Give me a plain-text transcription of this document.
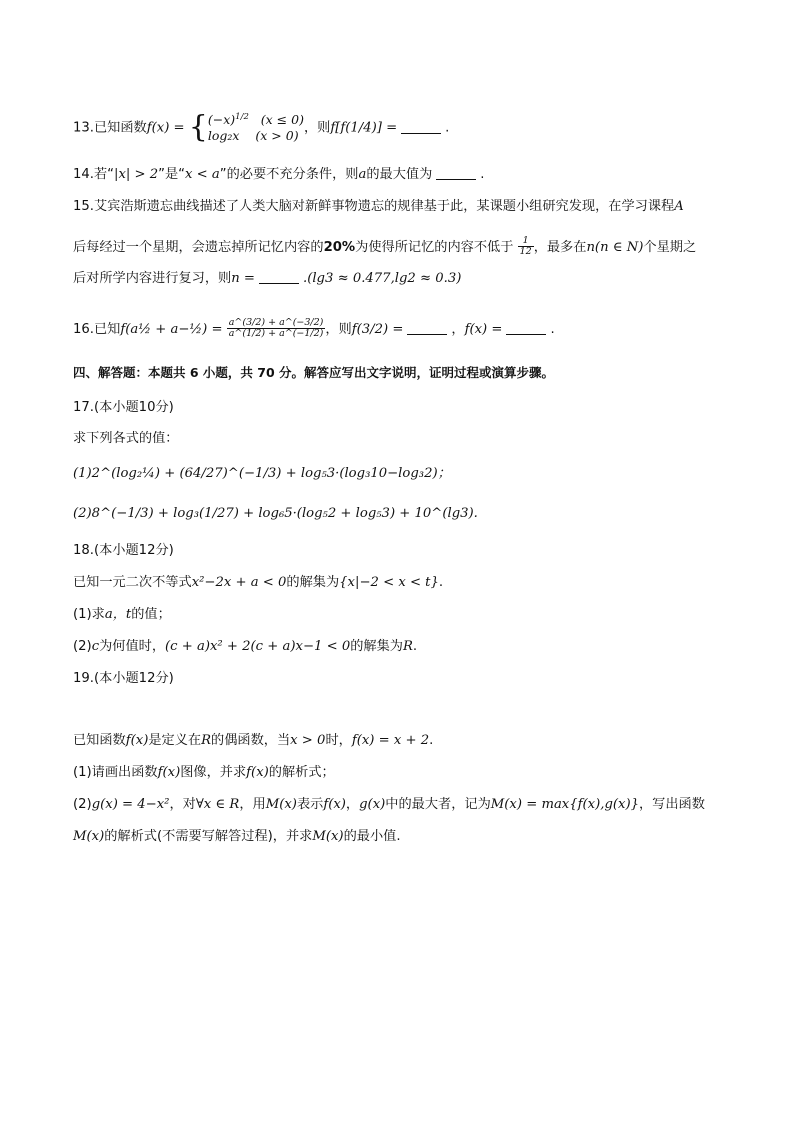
13.已知函数$f(x) = \{(-x)^{1/2}$ (x ≤ 0)
log₂x (x > 0) ，则f[f(1/4)] =	.
14.若“|x| > 2”是“x < a”的必要不充分条件，则a的最大值为	.
15.艾宾浩斯遗忘曲线描述了人类大脑对新鲜事物遗忘的规律基于此，某课题小组研究发现，在学习课程A
后每经过一个星期，会遗忘掉所记忆内容的20%为使得所记忆的内容不低于 $\frac{1}{12}$ ，最多在n(n ∈ N)个星期之
后对所学内容进行复习，则n =	.(lg3 ≈ 0.477,lg2 ≈ 0.3)
16.已知f(a½ + a−½) = $\frac{a\^{}(3/2) + a\^{}(-3/2)}{a\^{}(1/2) + a\^{}(-1/2)}$ ，则f(3/2) =	，f(x) =	.
四、解答题：本题共 6 小题，共 70 分。解答应写出文字说明，证明过程或演算步骤。
17.(本小题10分)
求下列各式的值：
(1)2^(log₂¼) + (64/27)^(−1/3) + log₅3·(log₃10−log₃2)；
(2)8^(−1/3) + log₃(1/27) + log₆5·(log₅2 + log₅3) + 10^(lg3).
18.(本小题12分)
已知一元二次不等式x²−2x + a < 0的解集为{x|−2 < x < t}.
(1)求a，t的值；
(2)c为何值时，(c + a)x² + 2(c + a)x−1 < 0的解集为R.
19.(本小题12分)
已知函数f(x)是定义在R的偶函数，当x > 0时，f(x) = x + 2.
(1)请画出函数f(x)图像，并求f(x)的解析式；
(2)g(x) = 4−x²，对∀x ∈ R，用M(x)表示f(x)，g(x)中的最大者，记为M(x) = max{f(x),g(x)}，写出函数
M(x)的解析式(不需要写解答过程)，并求M(x)的最小值.
